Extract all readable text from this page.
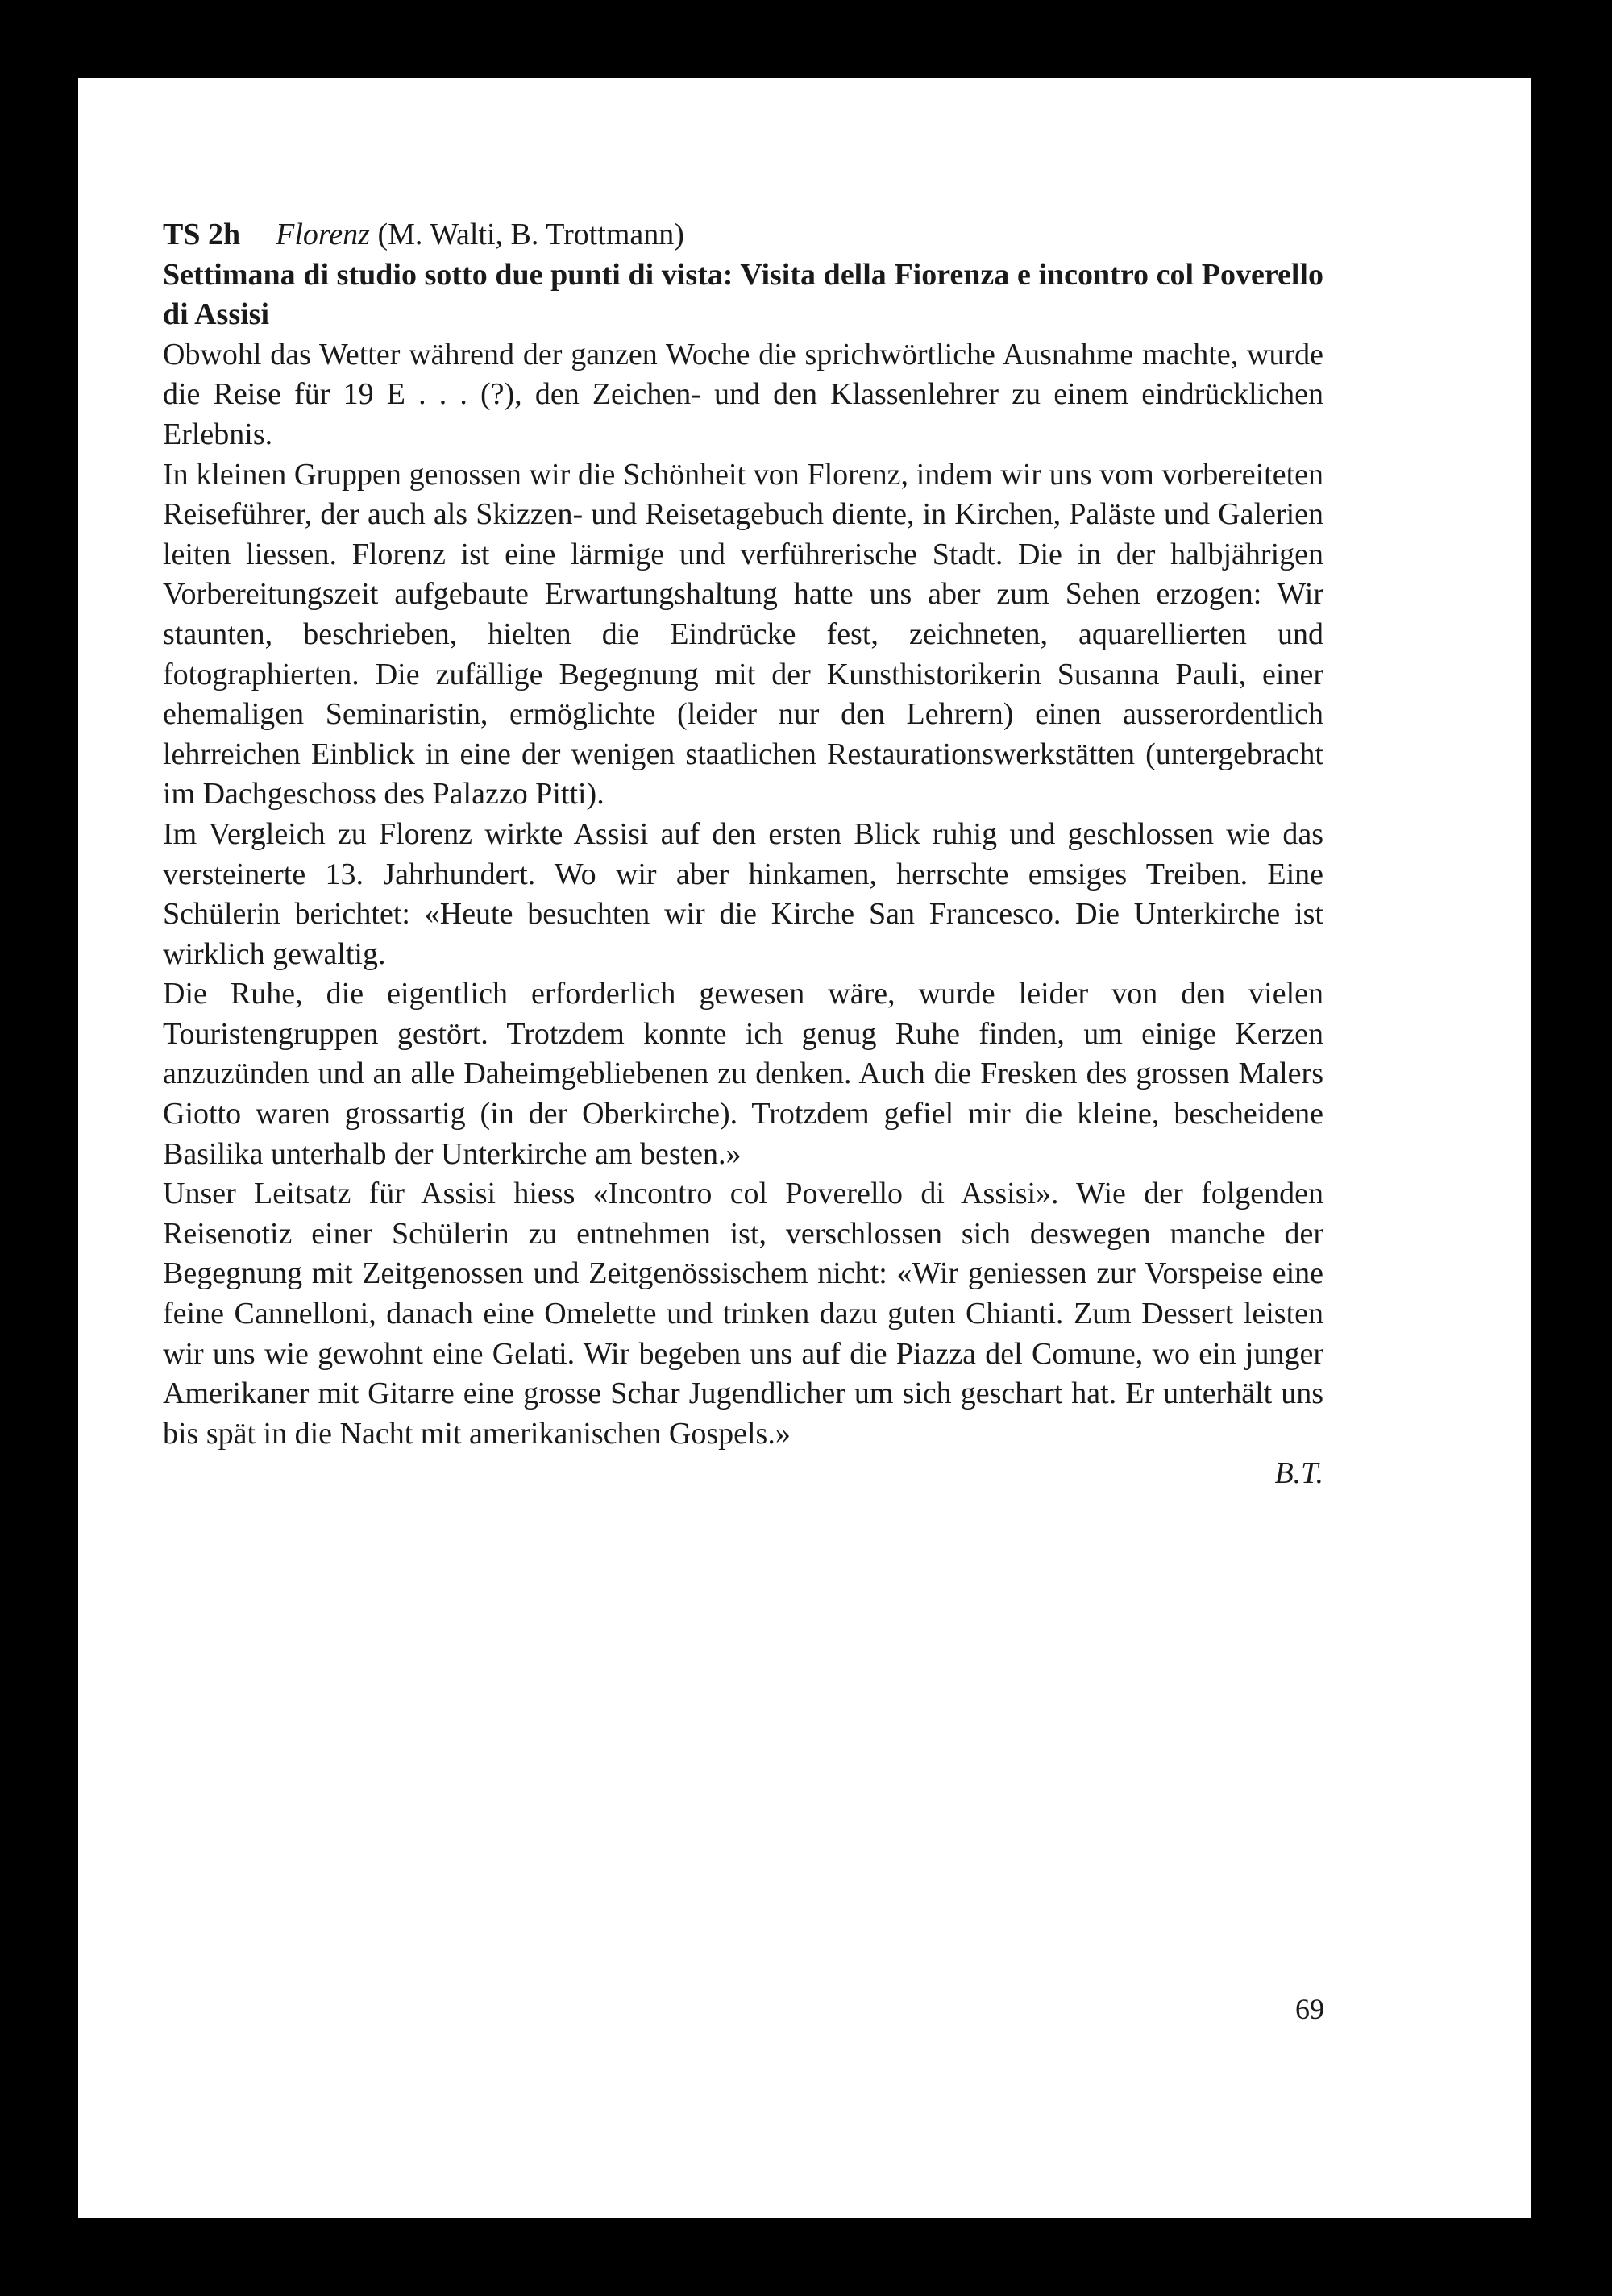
TS 2h Florenz (M. Walti, B. Trottmann)

Settimana di studio sotto due punti di vista: Visita della Fiorenza e incontro col Poverello di Assisi

Obwohl das Wetter während der ganzen Woche die sprichwörtliche Ausnahme machte, wurde die Reise für 19 E . . . (?), den Zeichen- und den Klassenlehrer zu einem eindrücklichen Erlebnis.

In kleinen Gruppen genossen wir die Schönheit von Florenz, indem wir uns vom vorbereiteten Reiseführer, der auch als Skizzen- und Reisetagebuch diente, in Kirchen, Paläste und Galerien leiten liessen. Florenz ist eine lärmige und verführerische Stadt. Die in der halbjährigen Vorbereitungszeit aufgebaute Erwartungshaltung hatte uns aber zum Sehen erzogen: Wir staunten, beschrieben, hielten die Eindrücke fest, zeichneten, aquarellierten und fotographierten. Die zufällige Begegnung mit der Kunsthistorikerin Susanna Pauli, einer ehemaligen Seminaristin, ermöglichte (leider nur den Lehrern) einen ausserordentlich lehrreichen Einblick in eine der wenigen staatlichen Restaurationswerkstätten (untergebracht im Dachgeschoss des Palazzo Pitti).

Im Vergleich zu Florenz wirkte Assisi auf den ersten Blick ruhig und geschlossen wie das versteinerte 13. Jahrhundert. Wo wir aber hinkamen, herrschte emsiges Treiben. Eine Schülerin berichtet: «Heute besuchten wir die Kirche San Francesco. Die Unterkirche ist wirklich gewaltig.

Die Ruhe, die eigentlich erforderlich gewesen wäre, wurde leider von den vielen Touristengruppen gestört. Trotzdem konnte ich genug Ruhe finden, um einige Kerzen anzuzünden und an alle Daheimgebliebenen zu denken. Auch die Fresken des grossen Malers Giotto waren grossartig (in der Oberkirche). Trotzdem gefiel mir die kleine, bescheidene Basilika unterhalb der Unterkirche am besten.»

Unser Leitsatz für Assisi hiess «Incontro col Poverello di Assisi». Wie der folgenden Reisenotiz einer Schülerin zu entnehmen ist, verschlossen sich deswegen manche der Begegnung mit Zeitgenossen und Zeitgenössischem nicht: «Wir geniessen zur Vorspeise eine feine Cannelloni, danach eine Omelette und trinken dazu guten Chianti. Zum Dessert leisten wir uns wie gewohnt eine Gelati. Wir begeben uns auf die Piazza del Comune, wo ein junger Amerikaner mit Gitarre eine grosse Schar Jugendlicher um sich geschart hat. Er unterhält uns bis spät in die Nacht mit amerikanischen Gospels.»

B.T.

69
